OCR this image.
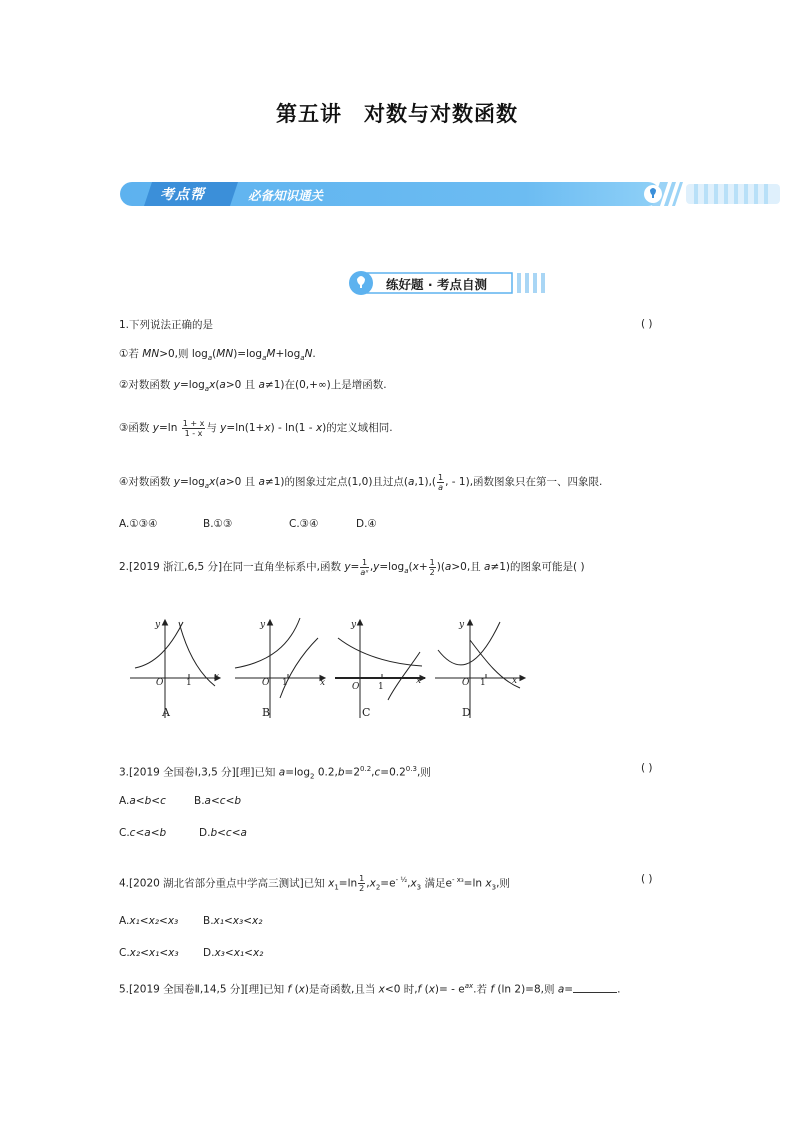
第五讲 对数与对数函数
考点帮	必备知识通关
练好题 · 考点自测
1.下列说法正确的是	( )
①若 MN>0,则 $\log_a(MN)=\log_aM+\log_aN$.
②对数函数 $y=\log_ax(a>0$ 且 a≠1)在(0,+∞)上是增函数.
③函数 $y=\ln \frac{1 + x}{1 - x}$ 与 y=ln(1+x) - ln(1 - x)的定义域相同.
④对数函数 $y=\log_ax(a>0$ 且 a≠1)的图象过定点(1,0)且过点$(a,1),( \frac{1}{a}$ , - 1),函数图象只在第一、四象限.
A.①③④	B.①③	C.③④	D.④
2.[2019 浙江,6,5 分]在同一直角坐标系中,函数 $y= \frac{1}{\text{aˣ}} ,y=\log_a(x+ \frac{1}{2} )(a>0$,且 a≠1)的图象可能是( )
y
x
O	1
A
y
x
O 1
B
y
x
O 1
C
y
x
O 1
D
3.[2019 全国卷Ⅰ,3,5 分][理]已知 $a=\log_2$ $0.2,b=2^{0.2},c=0.2^{0.3}$,则	( )
A.a<b<c	B.a<c<b
C.c<a<b	D.b<c<a
4.[2020 湖北省部分重点中学高三测试]已知 $x_1=\ln \frac{1}{2} ,x_2=e^{- \frac{1}{2}},x_3$ 满足$e^{- x_3}=\ln$ $x_3$,则	( )
A.x₁<x₂<x₃ B.x₁<x₃<x₂
C.x₂<x₁<x₃ D.x₃<x₁<x₂
5.[2019 全国卷Ⅱ,14,5 分][理]已知 f (x)是奇函数,且当 x<0 时,f $(x)= - e^{ax}$.若 f (ln 2)=8,则 a=	.
